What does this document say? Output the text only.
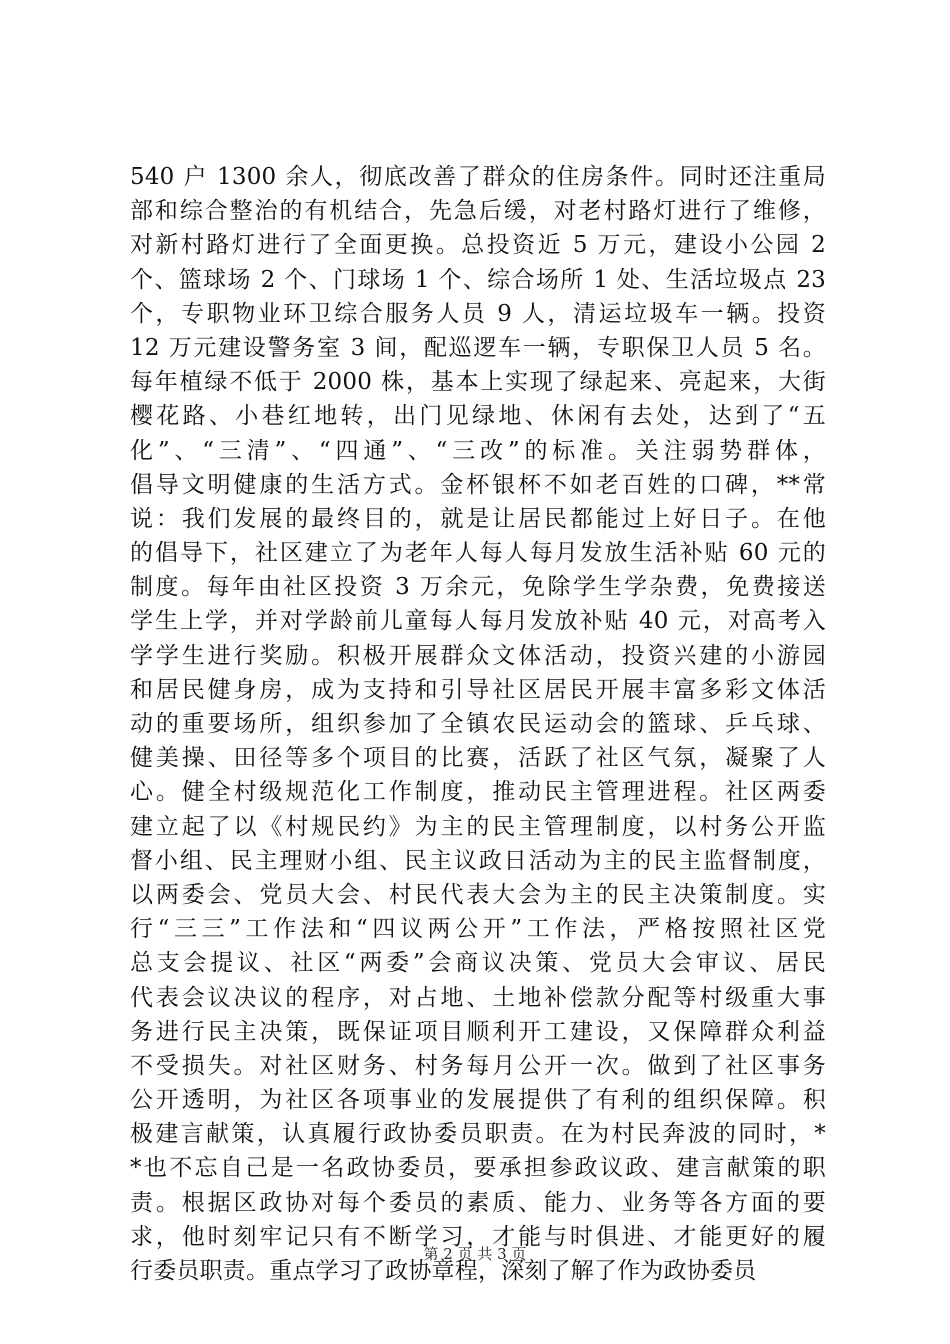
540 户 1300 余人，彻底改善了群众的住房条件。同时还注重局
部和综合整治的有机结合，先急后缓，对老村路灯进行了维修，
对新村路灯进行了全面更换。总投资近 5 万元，建设小公园 2
个、篮球场 2 个、门球场 1 个、综合场所 1 处、生活垃圾点 23
个，专职物业环卫综合服务人员 9 人，清运垃圾车一辆。投资
12 万元建设警务室 3 间，配巡逻车一辆，专职保卫人员 5 名。
每年植绿不低于 2000 株，基本上实现了绿起来、亮起来，大街
樱花路、小巷红地转，出门见绿地、休闲有去处，达到了“五
化”、“三清”、“四通”、“三改”的标准。关注弱势群体，
倡导文明健康的生活方式。金杯银杯不如老百姓的口碑，**常
说：我们发展的最终目的，就是让居民都能过上好日子。在他
的倡导下，社区建立了为老年人每人每月发放生活补贴 60 元的
制度。每年由社区投资 3 万余元，免除学生学杂费，免费接送
学生上学，并对学龄前儿童每人每月发放补贴 40 元，对高考入
学学生进行奖励。积极开展群众文体活动，投资兴建的小游园
和居民健身房，成为支持和引导社区居民开展丰富多彩文体活
动的重要场所，组织参加了全镇农民运动会的篮球、乒乓球、
健美操、田径等多个项目的比赛，活跃了社区气氛，凝聚了人
心。健全村级规范化工作制度，推动民主管理进程。社区两委
建立起了以《村规民约》为主的民主管理制度，以村务公开监
督小组、民主理财小组、民主议政日活动为主的民主监督制度，
以两委会、党员大会、村民代表大会为主的民主决策制度。实
行“三三”工作法和“四议两公开”工作法，严格按照社区党
总支会提议、社区“两委”会商议决策、党员大会审议、居民
代表会议决议的程序，对占地、土地补偿款分配等村级重大事
务进行民主决策，既保证项目顺利开工建设，又保障群众利益
不受损失。对社区财务、村务每月公开一次。做到了社区事务
公开透明，为社区各项事业的发展提供了有利的组织保障。积
极建言献策，认真履行政协委员职责。在为村民奔波的同时，*
*也不忘自己是一名政协委员，要承担参政议政、建言献策的职
责。根据区政协对每个委员的素质、能力、业务等各方面的要
求，他时刻牢记只有不断学习，才能与时俱进、才能更好的履
行委员职责。重点学习了政协章程，深刻了解了作为政协委员
第 2 页 共 3 页
